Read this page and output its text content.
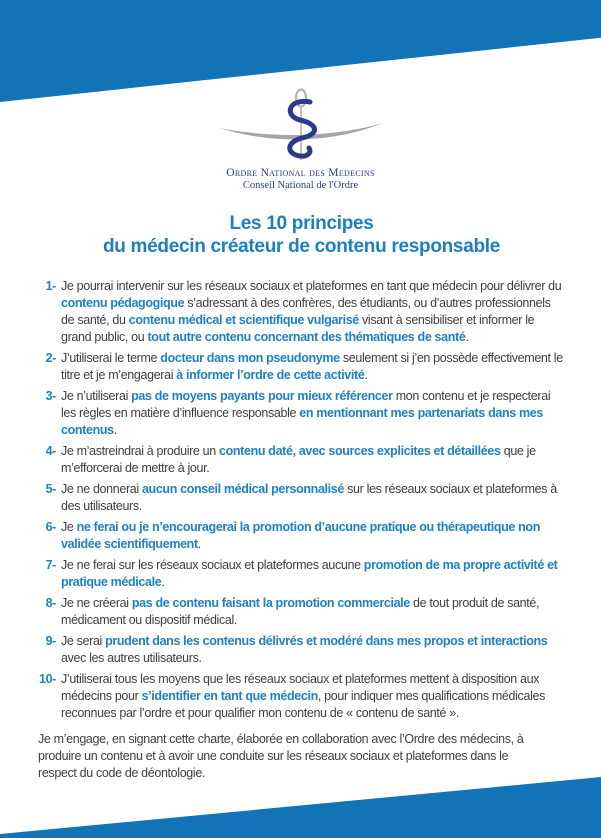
Ordre National des Medecins
Conseil National de l'Ordre
Les 10 principes
du médecin créateur de contenu responsable
1- Je pourrai intervenir sur les réseaux sociaux et plateformes en tant que médecin pour délivrer du contenu pédagogique s’adressant à des confrères, des étudiants, ou d’autres professionnels de santé, du contenu médical et scientifique vulgarisé visant à sensibiliser et informer le grand public, ou tout autre contenu concernant des thématiques de santé.
2- J’utiliserai le terme docteur dans mon pseudonyme seulement si j’en possède effectivement le titre et je m’engagerai à informer l’ordre de cette activité.
3- Je n’utiliserai pas de moyens payants pour mieux référencer mon contenu et je respecterai les règles en matière d’influence responsable en mentionnant mes partenariats dans mes contenus.
4- Je m’astreindrai à produire un contenu daté, avec sources explicites et détaillées que je m’efforcerai de mettre à jour.
5- Je ne donnerai aucun conseil médical personnalisé sur les réseaux sociaux et plateformes à des utilisateurs.
6- Je ne ferai ou je n’encouragerai la promotion d’aucune pratique ou thérapeutique non validée scientifiquement.
7- Je ne ferai sur les réseaux sociaux et plateformes aucune promotion de ma propre activité et pratique médicale.
8- Je ne créerai pas de contenu faisant la promotion commerciale de tout produit de santé, médicament ou dispositif médical.
9- Je serai prudent dans les contenus délivrés et modéré dans mes propos et interactions avec les autres utilisateurs.
10- J’utiliserai tous les moyens que les réseaux sociaux et plateformes mettent à disposition aux médecins pour s’identifier en tant que médecin, pour indiquer mes qualifications médicales reconnues par l’ordre et pour qualifier mon contenu de « contenu de santé ».

Je m’engage, en signant cette charte, élaborée en collaboration avec l’Ordre des médecins, à produire un contenu et à avoir une conduite sur les réseaux sociaux et plateformes dans le respect du code de déontologie.
